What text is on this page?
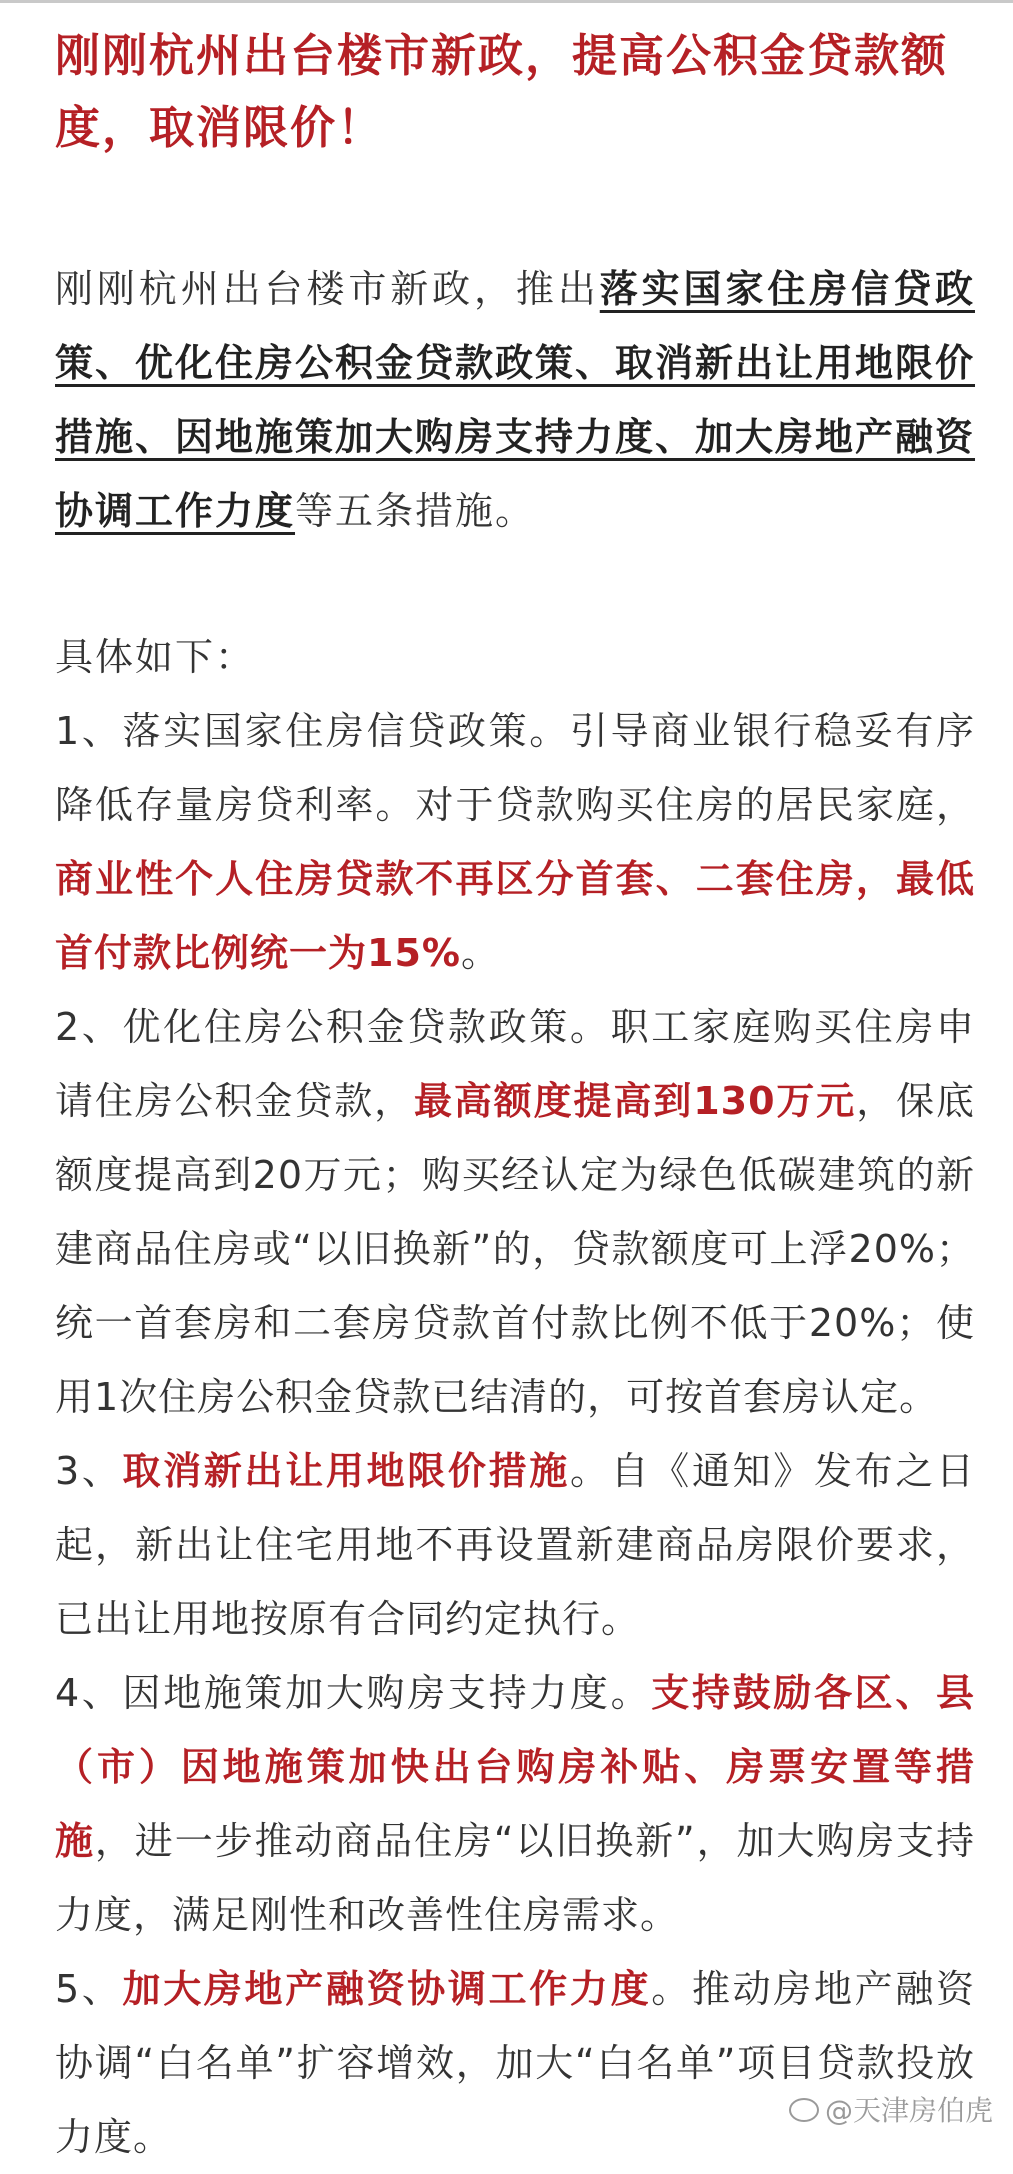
刚刚杭州出台楼市新政，提高公积金贷款额度，取消限价！

刚刚杭州出台楼市新政，推出落实国家住房信贷政策、优化住房公积金贷款政策、取消新出让用地限价措施、因地施策加大购房支持力度、加大房地产融资协调工作力度等五条措施。

具体如下：

1、落实国家住房信贷政策。引导商业银行稳妥有序降低存量房贷利率。对于贷款购买住房的居民家庭，商业性个人住房贷款不再区分首套、二套住房，最低首付款比例统一为15%。

2、优化住房公积金贷款政策。职工家庭购买住房申请住房公积金贷款，最高额度提高到130万元，保底额度提高到20万元；购买经认定为绿色低碳建筑的新建商品住房或“以旧换新”的，贷款额度可上浮20%；统一首套房和二套房贷款首付款比例不低于20%；使用1次住房公积金贷款已结清的，可按首套房认定。

3、取消新出让用地限价措施。自《通知》发布之日起，新出让住宅用地不再设置新建商品房限价要求，已出让用地按原有合同约定执行。

4、因地施策加大购房支持力度。支持鼓励各区、县（市）因地施策加快出台购房补贴、房票安置等措施，进一步推动商品住房“以旧换新”，加大购房支持力度，满足刚性和改善性住房需求。

5、加大房地产融资协调工作力度。推动房地产融资协调“白名单”扩容增效，加大“白名单”项目贷款投放力度。

@天津房伯虎
